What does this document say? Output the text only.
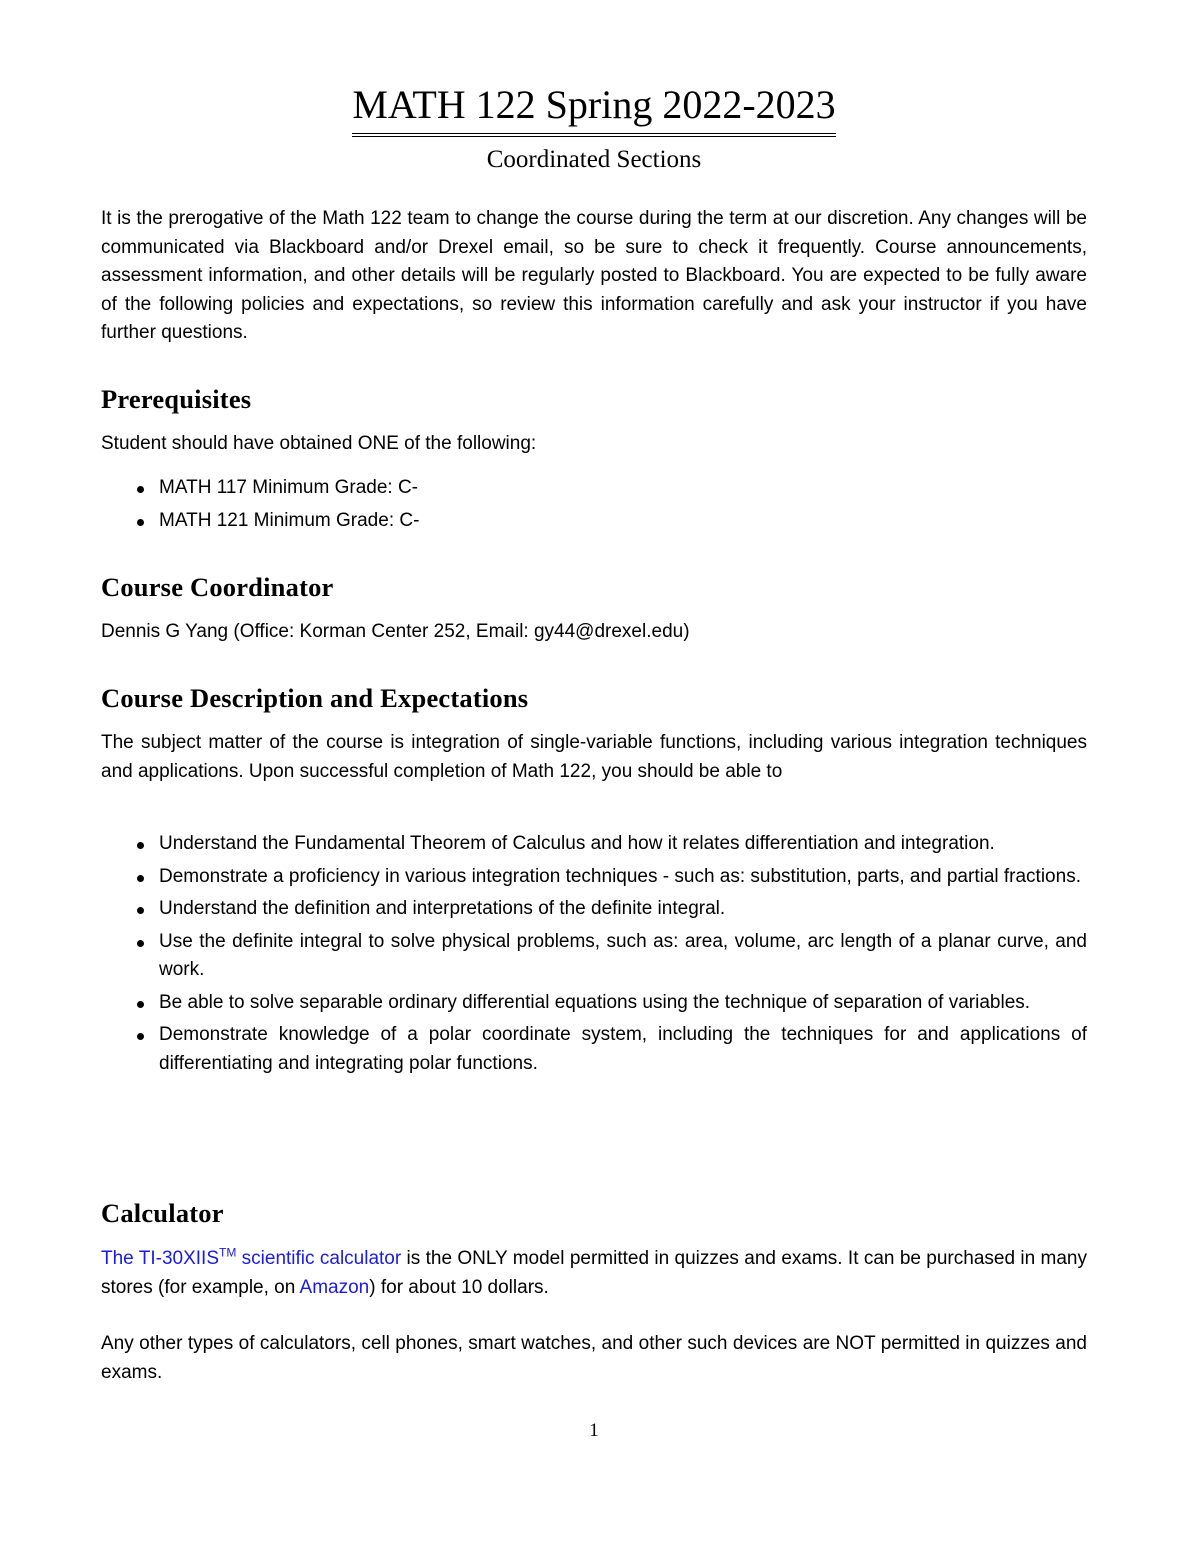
MATH 122 Spring 2022-2023
Coordinated Sections

It is the prerogative of the Math 122 team to change the course during the term at our discretion. Any changes will be communicated via Blackboard and/or Drexel email, so be sure to check it frequently. Course announcements, assessment information, and other details will be regularly posted to Blackboard. You are expected to be fully aware of the following policies and expectations, so review this information carefully and ask your instructor if you have further questions.

Prerequisites

Student should have obtained ONE of the following:

MATH 117 Minimum Grade: C-
MATH 121 Minimum Grade: C-
Course Coordinator

Dennis G Yang (Office: Korman Center 252, Email: gy44@drexel.edu)

Course Description and Expectations

The subject matter of the course is integration of single-variable functions, including various integration techniques and applications. Upon successful completion of Math 122, you should be able to

Understand the Fundamental Theorem of Calculus and how it relates differentiation and integration.
Demonstrate a proficiency in various integration techniques - such as: substitution, parts, and partial fractions.
Understand the definition and interpretations of the definite integral.
Use the definite integral to solve physical problems, such as: area, volume, arc length of a planar curve, and work.
Be able to solve separable ordinary differential equations using the technique of separation of variables.
Demonstrate knowledge of a polar coordinate system, including the techniques for and applications of differentiating and integrating polar functions.
Calculator

The TI-30XIIS™ scientific calculator is the ONLY model permitted in quizzes and exams. It can be purchased in many stores (for example, on Amazon) for about 10 dollars.

Any other types of calculators, cell phones, smart watches, and other such devices are NOT permitted in quizzes and exams.

1
